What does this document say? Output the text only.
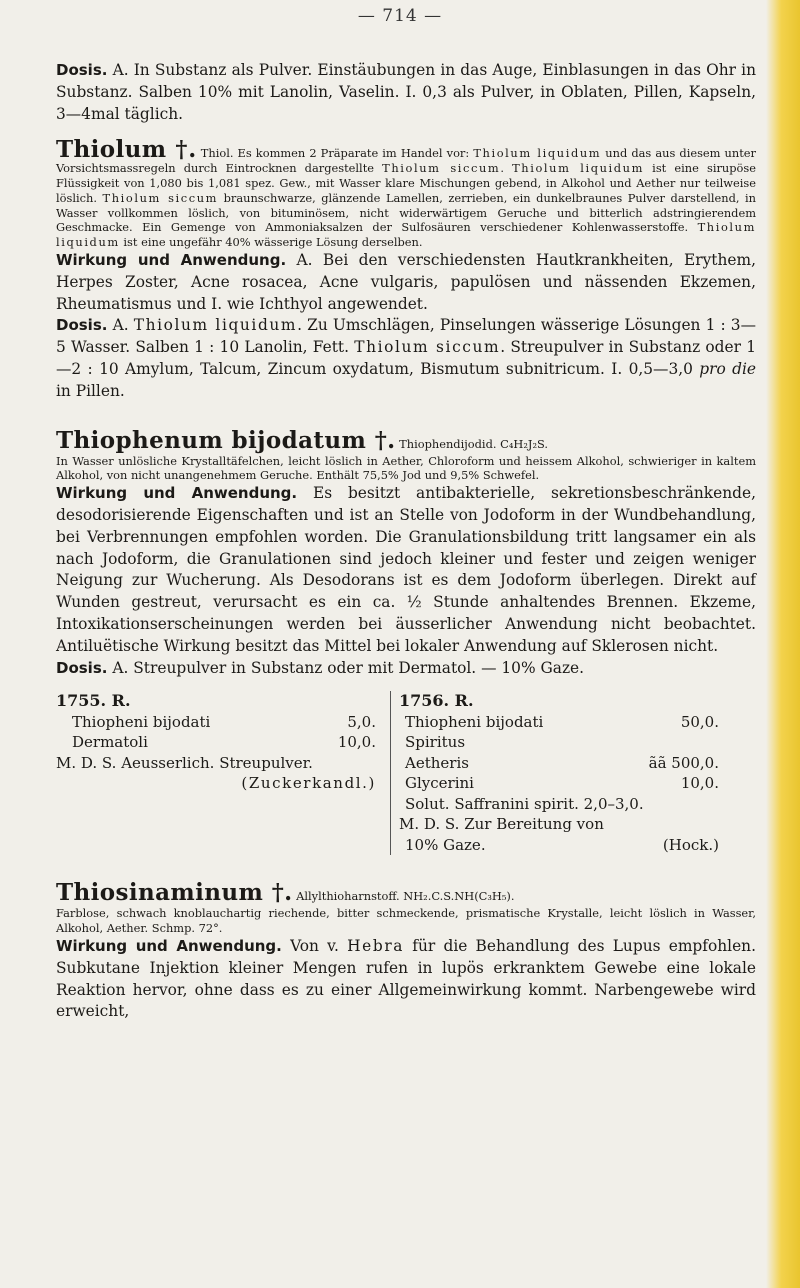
— 714 —

Dosis. A. In Substanz als Pulver. Einstäubungen in das Auge, Einblasungen in das Ohr in Substanz. Salben 10% mit Lanolin, Vaselin. I. 0,3 als Pulver, in Oblaten, Pillen, Kapseln, 3—4mal täglich.

Thiolum †. Thiol. Es kommen 2 Präparate im Handel vor: Thiolum liquidum und das aus diesem unter Vorsichtsmassregeln durch Eintrocknen dargestellte Thiolum siccum. Thiolum liquidum ist eine sirupöse Flüssigkeit von 1,080 bis 1,081 spez. Gew., mit Wasser klare Mischungen gebend, in Alkohol und Aether nur teilweise löslich. Thiolum siccum braunschwarze, glänzende Lamellen, zerrieben, ein dunkelbraunes Pulver darstellend, in Wasser vollkommen löslich, von bituminösem, nicht widerwärtigem Geruche und bitterlich adstringierendem Geschmacke. Ein Gemenge von Ammoniaksalzen der Sulfosäuren verschiedener Kohlenwasserstoffe. Thiolum liquidum ist eine ungefähr 40% wässerige Lösung derselben.

Wirkung und Anwendung. A. Bei den verschiedensten Hautkrankheiten, Erythem, Herpes Zoster, Acne rosacea, Acne vulgaris, papulösen und nässenden Ekzemen, Rheumatismus und I. wie Ichthyol angewendet.

Dosis. A. Thiolum liquidum. Zu Umschlägen, Pinselungen wässerige Lösungen 1 : 3—5 Wasser. Salben 1 : 10 Lanolin, Fett. Thiolum siccum. Streupulver in Substanz oder 1—2 : 10 Amylum, Talcum, Zincum oxydatum, Bismutum subnitricum. I. 0,5—3,0 pro die in Pillen.

Thiophenum bijodatum †. Thiophendijodid. C₄H₂J₂S.

In Wasser unlösliche Krystalltäfelchen, leicht löslich in Aether, Chloroform und heissem Alkohol, schwieriger in kaltem Alkohol, von nicht unangenehmem Geruche. Enthält 75,5% Jod und 9,5% Schwefel.

Wirkung und Anwendung. Es besitzt antibakterielle, sekretionsbeschränkende, desodorisierende Eigenschaften und ist an Stelle von Jodoform in der Wundbehandlung, bei Verbrennungen empfohlen worden. Die Granulationsbildung tritt langsamer ein als nach Jodoform, die Granulationen sind jedoch kleiner und fester und zeigen weniger Neigung zur Wucherung. Als Desodorans ist es dem Jodoform überlegen. Direkt auf Wunden gestreut, verursacht es ein ca. ½ Stunde anhaltendes Brennen. Ekzeme, Intoxikationserscheinungen werden bei äusserlicher Anwendung nicht beobachtet. Antiluëtische Wirkung besitzt das Mittel bei lokaler Anwendung auf Sklerosen nicht.

Dosis. A. Streupulver in Substanz oder mit Dermatol. — 10% Gaze.

1755. R.
Thiopheni bijodati	5,0.
Dermatoli	10,0.
M. D. S. Aeusserlich. Streupulver.
(Zuckerkandl.)
1756. R.
Thiopheni bijodati	50,0.
Spiritus
Aetheris	ãã 500,0.
Glycerini	10,0.
Solut. Saffranini spirit. 2,0–3,0.
M. D. S. Zur Bereitung von
10% Gaze.	(Hock.)

Thiosinaminum †. Allylthioharnstoff. NH₂.C.S.NH(C₃H₅).

Farblose, schwach knoblauchartig riechende, bitter schmeckende, prismatische Krystalle, leicht löslich in Wasser, Alkohol, Aether. Schmp. 72°.

Wirkung und Anwendung. Von v. Hebra für die Behandlung des Lupus empfohlen. Subkutane Injektion kleiner Mengen rufen in lupös erkranktem Gewebe eine lokale Reaktion hervor, ohne dass es zu einer Allgemeinwirkung kommt. Narbengewebe wird erweicht,
